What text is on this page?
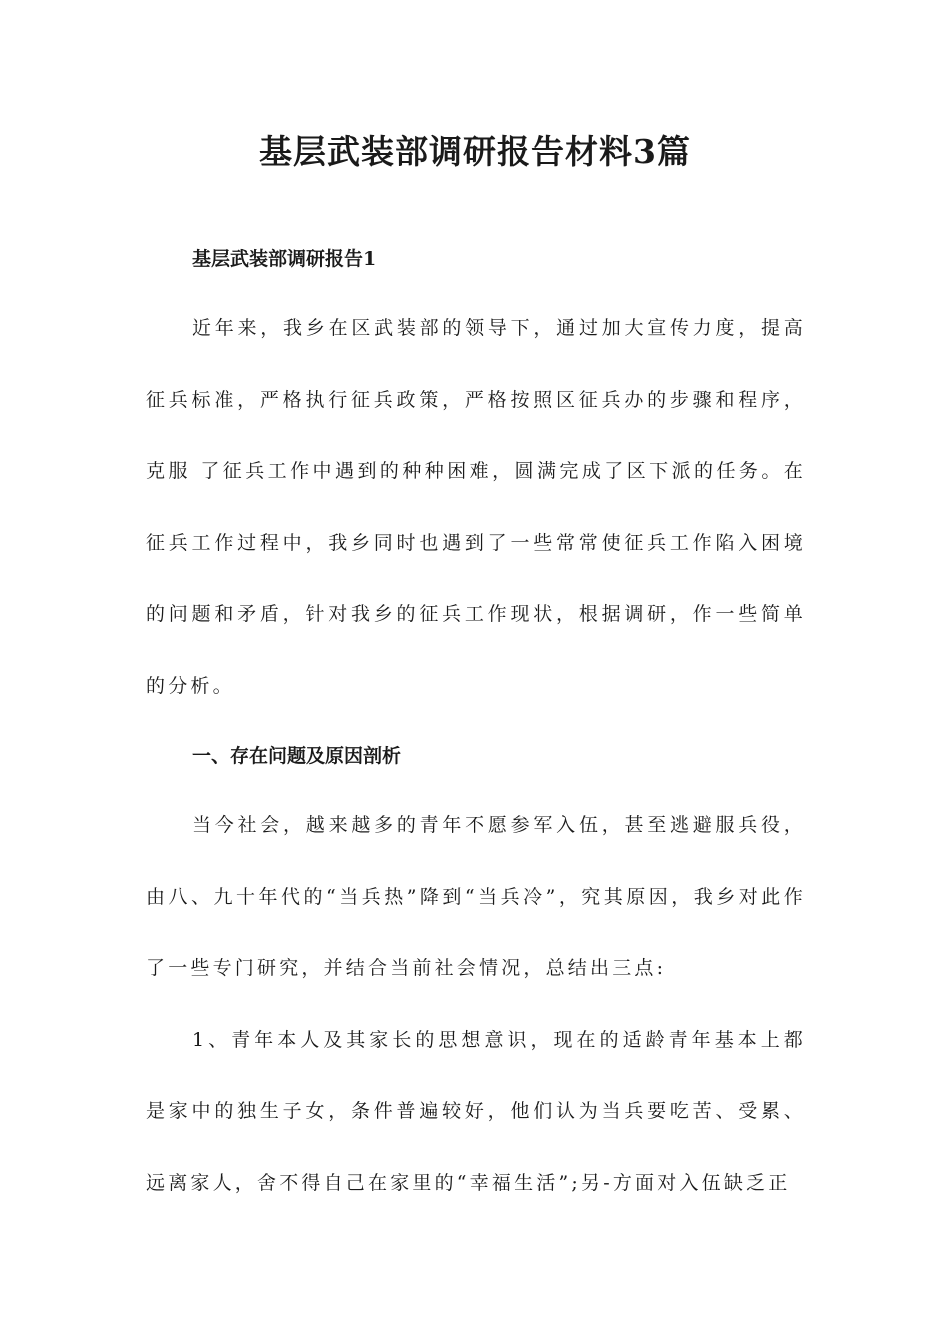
基层武装部调研报告材料3篇

基层武装部调研报告1

近年来，我乡在区武装部的领导下，通过加大宣传力度，提高征兵标准，严格执行征兵政策，严格按照区征兵办的步骤和程序，克服 了征兵工作中遇到的种种困难，圆满完成了区下派的任务。在征兵工作过程中，我乡同时也遇到了一些常常使征兵工作陷入困境的问题和矛盾，针对我乡的征兵工作现状，根据调研，作一些简单的分析。

一、存在问题及原因剖析

当今社会，越来越多的青年不愿参军入伍，甚至逃避服兵役，由八、九十年代的“当兵热”降到“当兵冷”，究其原因，我乡对此作了一些专门研究，并结合当前社会情况，总结出三点:

1、青年本人及其家长的思想意识，现在的适龄青年基本上都是家中的独生子女，条件普遍较好，他们认为当兵要吃苦、受累、远离家人，舍不得自己在家里的“幸福生活”;另-方面对入伍缺乏正
